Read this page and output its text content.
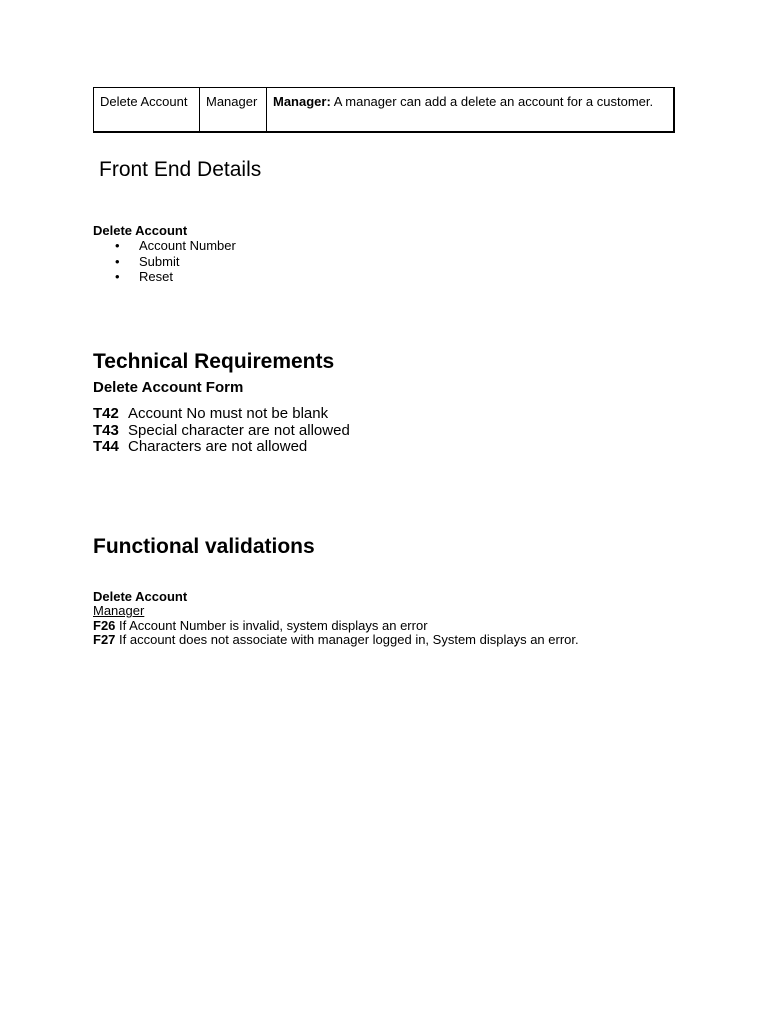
Delete Account	Manager	Manager: A manager can add a delete an account for a customer.
Front End Details
Delete Account
• Account Number
• Submit
• Reset
Technical Requirements
Delete Account Form
T42 Account No must not be blank
T43 Special character are not allowed
T44 Characters are not allowed
Functional validations
Delete Account
Manager
F26 If Account Number is invalid, system displays an error
F27 If account does not associate with manager logged in, System displays an error.
